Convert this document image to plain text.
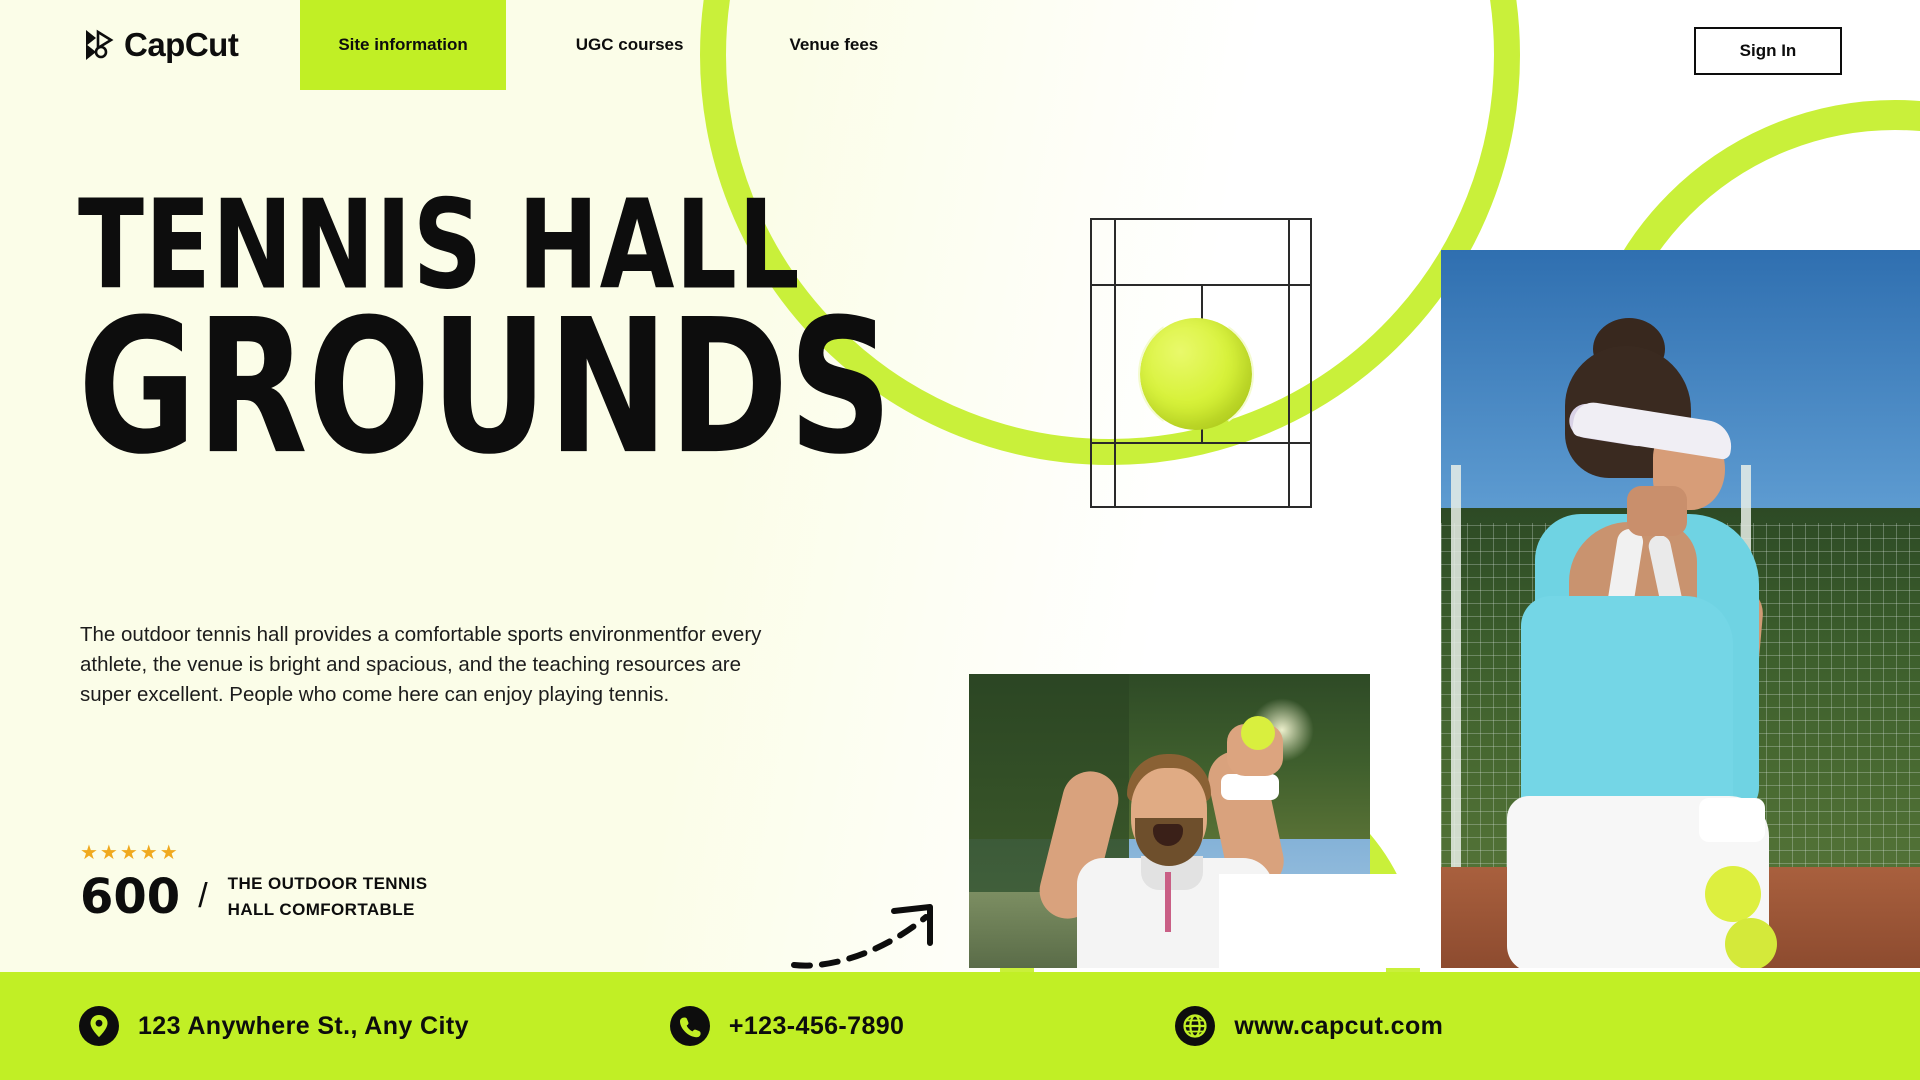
CapCut	Site information	UGC courses	Venue fees	Sign In
TENNIS HALL
GROUNDS

The outdoor tennis hall provides a comfortable sports environmentfor every athlete, the venue is bright and spacious, and the teaching resources are super excellent. People who come here can enjoy playing tennis.

★★★★★
600 / THE OUTDOOR TENNIS
HALL COMFORTABLE
123 Anywhere St., Any City	+123-456-7890	www.capcut.com
